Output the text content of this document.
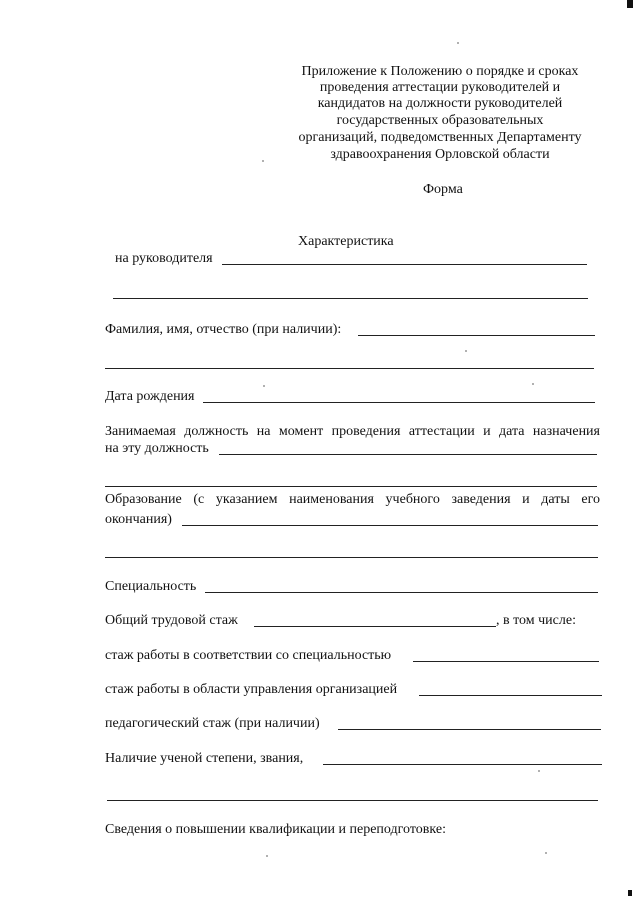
Приложение к Положению о порядке и сроках
проведения аттестации руководителей и
кандидатов на должности руководителей
государственных образовательных
организаций, подведомственных Департаменту
здравоохранения Орловской области
Форма
Характеристика
на руководителя
Фамилия, имя, отчество (при наличии):
Дата рождения
Занимаемая должность на момент проведения аттестации и дата назначения
на эту должность
Образование (с указанием наименования учебного заведения и даты его
окончания)
Специальность
Общий трудовой стаж	, в том числе:
стаж работы в соответствии со специальностью
стаж работы в области управления организацией
педагогический стаж (при наличии)
Наличие ученой степени, звания,
Сведения о повышении квалификации и переподготовке:
